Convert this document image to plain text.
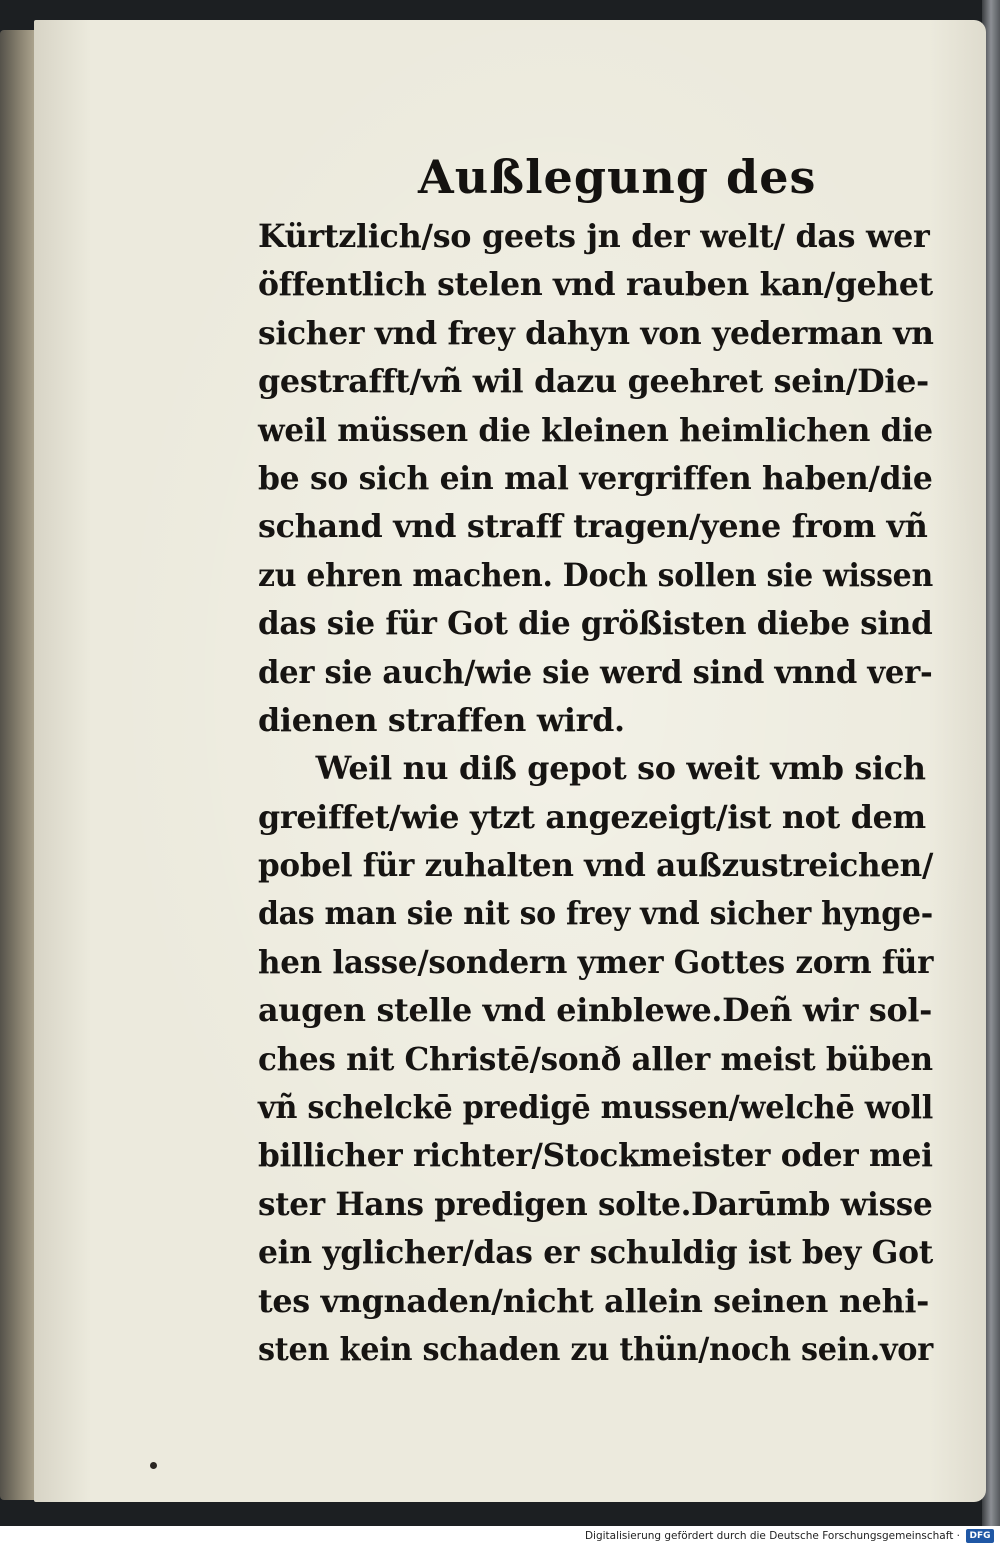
Außlegung des
Kürtzlich/so geets jn der welt/ das wer
öffentlich stelen vnd rauben kan/gehet
sicher vnd frey dahyn von yederman vn
gestrafft/vñ wil dazu geehret sein/Die-
weil müssen die kleinen heimlichen die
be so sich ein mal vergriffen haben/die
schand vnd straff tragen/yene from vñ
zu ehren machen. Doch sollen sie wissen
das sie für Got die größisten diebe sind
der sie auch/wie sie werd sind vnnd ver-
dienen straffen wird.
Weil nu diß gepot so weit vmb sich
greiffet/wie ytzt angezeigt/ist not dem
pobel für zuhalten vnd außzustreichen/
das man sie nit so frey vnd sicher hynge-
hen lasse/sondern ymer Gottes zorn für
augen stelle vnd einblewe.Deñ wir sol-
ches nit Christē/sonð aller meist büben
vñ schelckē predigē mussen/welchē woll
billicher richter/Stockmeister oder mei
ster Hans predigen solte.Darūmb wisse
ein yglicher/das er schuldig ist bey Got
tes vngnaden/nicht allein seinen nehi-
sten kein schaden zu thün/noch sein.vor
Digitalisierung gefördert durch die Deutsche Forschungsgemeinschaft ·	DFG
